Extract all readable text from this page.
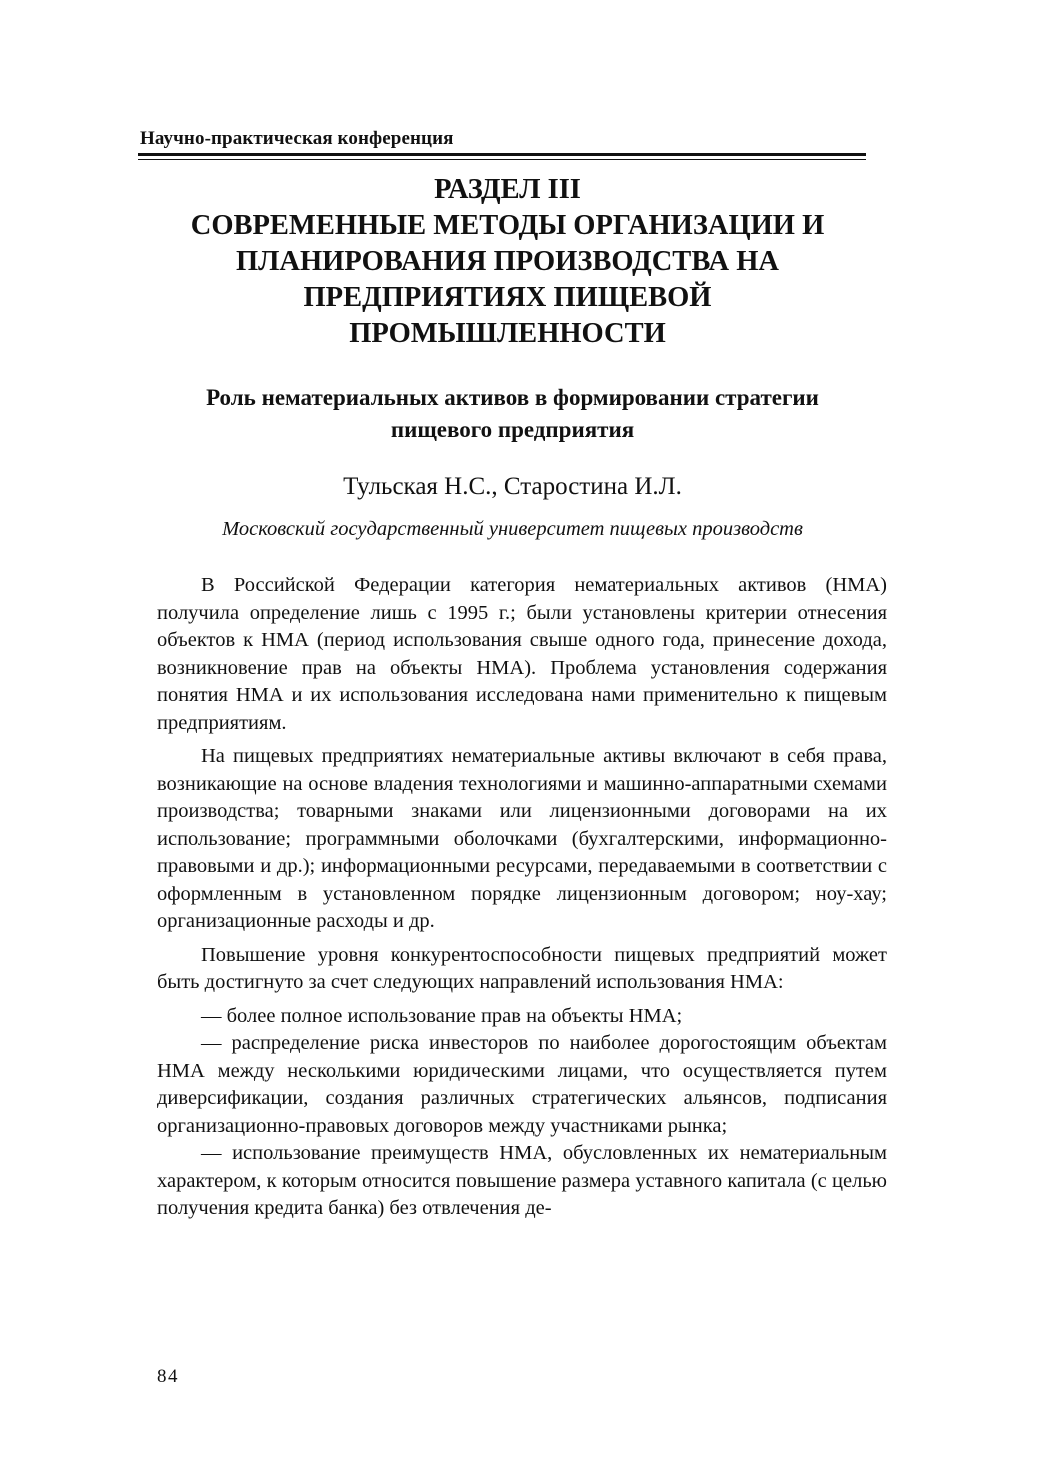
Научно-практическая конференция
РАЗДЕЛ III
СОВРЕМЕННЫЕ МЕТОДЫ ОРГАНИЗАЦИИ И
ПЛАНИРОВАНИЯ ПРОИЗВОДСТВА НА
ПРЕДПРИЯТИЯХ ПИЩЕВОЙ
ПРОМЫШЛЕННОСТИ
Роль нематериальных активов в формировании стратегии
пищевого предприятия
Тульская Н.С., Старостина И.Л.
Московский государственный университет пищевых производств

В Российской Федерации категория нематериальных активов (НМА) получила определение лишь с 1995 г.; были установлены критерии отнесения объектов к НМА (период использования свыше одного года, принесение дохода, возникновение прав на объекты НМА). Проблема установления содержания понятия НМА и их использования исследована нами применительно к пищевым предприятиям.

На пищевых предприятиях нематериальные активы включают в себя права, возникающие на основе владения технологиями и машинно-аппаратными схемами производства; товарными знаками или лицензионными договорами на их использование; программными оболочками (бухгалтерскими, информационно-правовыми и др.); информационными ресурсами, передаваемыми в соответствии с оформленным в установленном порядке лицензионным договором; ноу-хау; организационные расходы и др.

Повышение уровня конкурентоспособности пищевых предприятий может быть достигнуто за счет следующих направлений использования НМА:

— более полное использование прав на объекты НМА;

— распределение риска инвесторов по наиболее дорогостоящим объектам НМА между несколькими юридическими лицами, что осуществляется путем диверсификации, создания различных стратегических альянсов, подписания организационно-правовых договоров между участниками рынка;

— использование преимуществ НМА, обусловленных их нематериальным характером, к которым относится повышение размера уставного капитала (с целью получения кредита банка) без отвлечения де-

84
